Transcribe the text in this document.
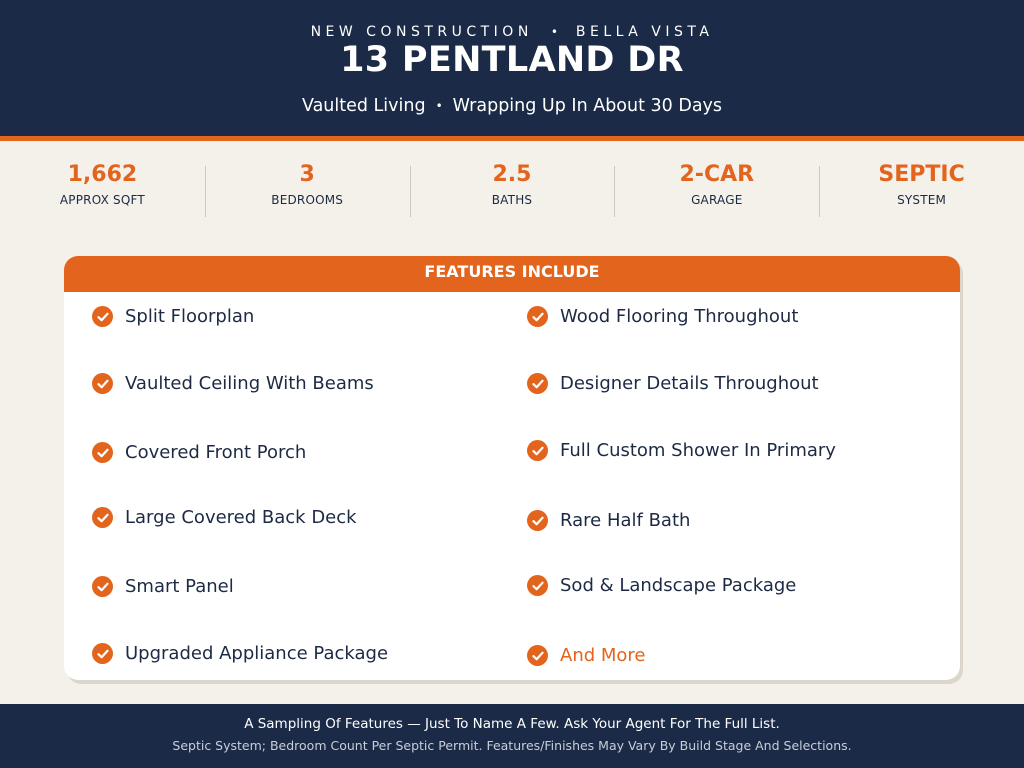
NEW CONSTRUCTION • BELLA VISTA
13 PENTLAND DR
Vaulted Living • Wrapping Up In About 30 Days
1,662
APPROX SQFT
3
BEDROOMS
2.5
BATHS
2-CAR
GARAGE
SEPTIC
SYSTEM
FEATURES INCLUDE
Split Floorplan
Vaulted Ceiling With Beams
Covered Front Porch
Large Covered Back Deck
Smart Panel
Upgraded Appliance Package
Wood Flooring Throughout
Designer Details Throughout
Full Custom Shower In Primary
Rare Half Bath
Sod & Landscape Package
And More
A Sampling Of Features — Just To Name A Few. Ask Your Agent For The Full List.
Septic System; Bedroom Count Per Septic Permit. Features/Finishes May Vary By Build Stage And Selections.
